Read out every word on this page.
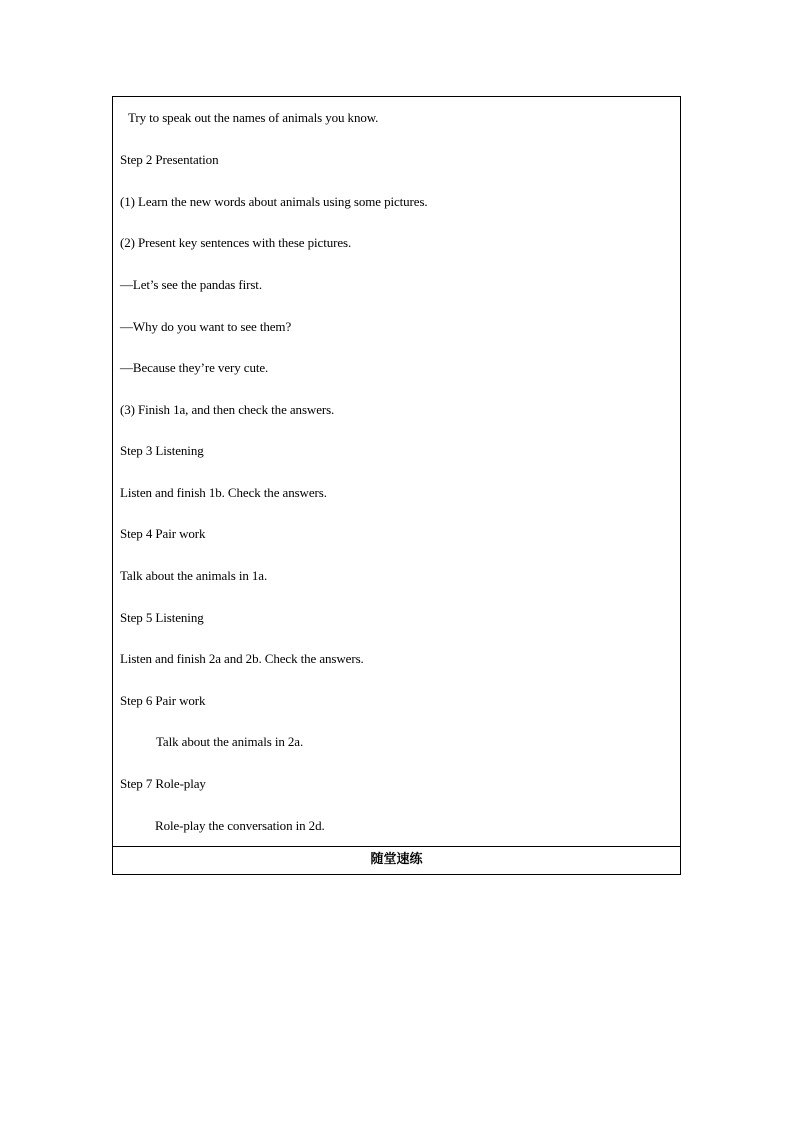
Try to speak out the names of animals you know.
Step 2 Presentation
(1) Learn the new words about animals using some pictures.
(2) Present key sentences with these pictures.
—Let’s see the pandas first.
—Why do you want to see them?
—Because they’re very cute.
(3) Finish 1a, and then check the answers.
Step 3 Listening
Listen and finish 1b. Check the answers.
Step 4 Pair work
Talk about the animals in 1a.
Step 5 Listening
Listen and finish 2a and 2b. Check the answers.
Step 6 Pair work
Talk about the animals in 2a.
Step 7 Role-play
Role-play the conversation in 2d.
随堂速练
